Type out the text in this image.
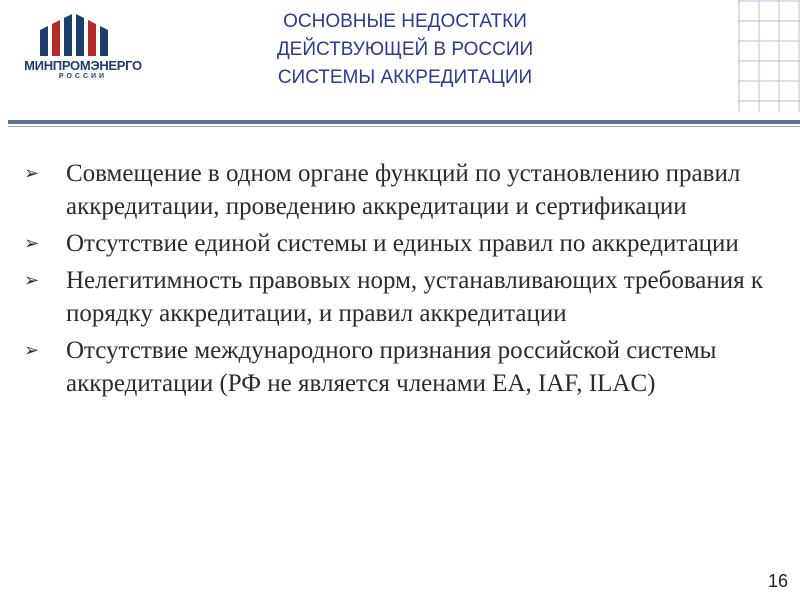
МИНПРОМЭНЕРГО
РОССИИ
ОСНОВНЫЕ НЕДОСТАТКИ
ДЕЙСТВУЮЩЕЙ В РОССИИ
СИСТЕМЫ АККРЕДИТАЦИИ
➢ Совмещение в одном органе функций по установлению правил аккредитации, проведению аккредитации и сертификации
➢ Отсутствие единой системы и единых правил по аккредитации
➢ Нелегитимность правовых норм, устанавливающих требования к порядку аккредитации, и правил аккредитации
➢ Отсутствие международного признания российской системы аккредитации (РФ не является членами EA, IAF, ILAC)
16
